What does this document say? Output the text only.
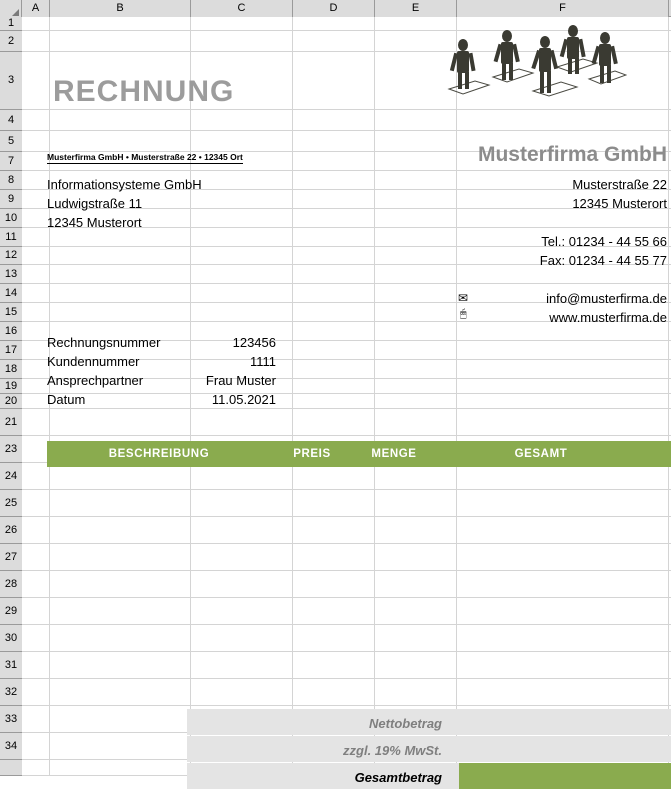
A	B	C	D	E	F
1
2
3
4
5
7
8
9
10
11
12
13
14
15
16
17
18
19
20
21
23
24
25
26
27
28
29
30
31
32
33
34
RECHNUNG
Musterfirma GmbH
Musterfirma GmbH • Musterstraße 22 • 12345 Ort
Informationsysteme GmbH
Ludwigstraße 11
12345 Musterort
Musterstraße 22
12345 Musterort
Tel.: 01234 - 44 55 66
Fax: 01234 - 44 55 77
✉	info@musterfirma.de
🖱	www.musterfirma.de
Rechnungsnummer	123456
Kundennummer	1111
Ansprechpartner	Frau Muster
Datum	11.05.2021
BESCHREIBUNG	PREIS	MENGE	GESAMT
Nettobetrag
zzgl. 19% MwSt.
Gesamtbetrag
